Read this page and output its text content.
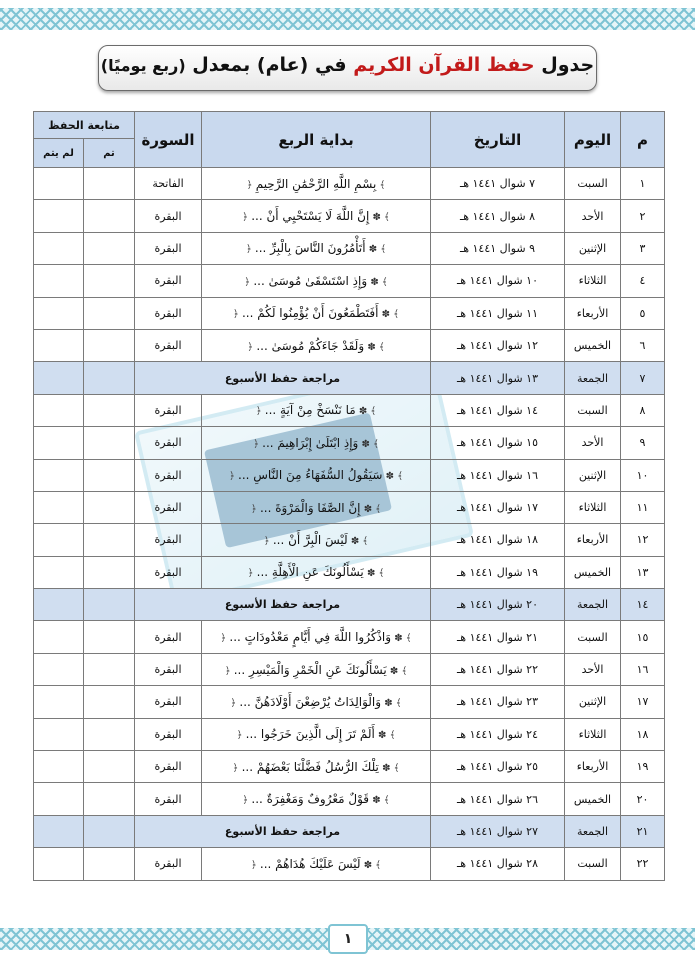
جدول حفظ القرآن الكريم في (عام) بمعدل (ربع يوميًا)
م	اليوم	التاريخ	بداية الربع	السورة	متابعة الحفظ	
					تم	لم يتم
١	السبت	٧ شوال ١٤٤١ هـ	﴾ بِسْمِ اللَّهِ الرَّحْمَٰنِ الرَّحِيمِ ﴿	الفاتحة		
٢	الأحد	٨ شوال ١٤٤١ هـ	﴾ ✽ إِنَّ اللَّهَ لَا يَسْتَحْيِي أَنْ ... ﴿	البقرة		
٣	الإثنين	٩ شوال ١٤٤١ هـ	﴾ ✽ أَتَأْمُرُونَ النَّاسَ بِالْبِرِّ ... ﴿	البقرة		
٤	الثلاثاء	١٠ شوال ١٤٤١ هـ	﴾ ✽ وَإِذِ اسْتَسْقَىٰ مُوسَىٰ ... ﴿	البقرة		
٥	الأربعاء	١١ شوال ١٤٤١ هـ	﴾ ✽ أَفَتَطْمَعُونَ أَنْ يُؤْمِنُوا لَكُمْ ... ﴿	البقرة		
٦	الخميس	١٢ شوال ١٤٤١ هـ	﴾ ✽ وَلَقَدْ جَاءَكُمْ مُوسَىٰ ... ﴿	البقرة		
٧	الجمعة	١٣ شوال ١٤٤١ هـ	مراجعة حفظ الأسبوع			
٨	السبت	١٤ شوال ١٤٤١ هـ	﴾ ✽ مَا نَنْسَخْ مِنْ آيَةٍ ... ﴿	البقرة		
٩	الأحد	١٥ شوال ١٤٤١ هـ	﴾ ✽ وَإِذِ ابْتَلَىٰ إِبْرَاهِيمَ ... ﴿	البقرة		
١٠	الإثنين	١٦ شوال ١٤٤١ هـ	﴾ ✽ سَيَقُولُ السُّفَهَاءُ مِنَ النَّاسِ ... ﴿	البقرة		
١١	الثلاثاء	١٧ شوال ١٤٤١ هـ	﴾ ✽ إِنَّ الصَّفَا وَالْمَرْوَةَ ... ﴿	البقرة		
١٢	الأربعاء	١٨ شوال ١٤٤١ هـ	﴾ ✽ لَيْسَ الْبِرَّ أَنْ ... ﴿	البقرة		
١٣	الخميس	١٩ شوال ١٤٤١ هـ	﴾ ✽ يَسْأَلُونَكَ عَنِ الْأَهِلَّةِ ... ﴿	البقرة		
١٤	الجمعة	٢٠ شوال ١٤٤١ هـ	مراجعة حفظ الأسبوع			
١٥	السبت	٢١ شوال ١٤٤١ هـ	﴾ ✽ وَاذْكُرُوا اللَّهَ فِي أَيَّامٍ مَعْدُودَاتٍ ... ﴿	البقرة		
١٦	الأحد	٢٢ شوال ١٤٤١ هـ	﴾ ✽ يَسْأَلُونَكَ عَنِ الْخَمْرِ وَالْمَيْسِرِ ... ﴿	البقرة		
١٧	الإثنين	٢٣ شوال ١٤٤١ هـ	﴾ ✽ وَالْوَالِدَاتُ يُرْضِعْنَ أَوْلَادَهُنَّ ... ﴿	البقرة		
١٨	الثلاثاء	٢٤ شوال ١٤٤١ هـ	﴾ ✽ أَلَمْ تَرَ إِلَى الَّذِينَ خَرَجُوا ... ﴿	البقرة		
١٩	الأربعاء	٢٥ شوال ١٤٤١ هـ	﴾ ✽ تِلْكَ الرُّسُلُ فَضَّلْنَا بَعْضَهُمْ ... ﴿	البقرة		
٢٠	الخميس	٢٦ شوال ١٤٤١ هـ	﴾ ✽ قَوْلٌ مَعْرُوفٌ وَمَغْفِرَةٌ ... ﴿	البقرة		
٢١	الجمعة	٢٧ شوال ١٤٤١ هـ	مراجعة حفظ الأسبوع			
٢٢	السبت	٢٨ شوال ١٤٤١ هـ	﴾ ✽ لَيْسَ عَلَيْكَ هُدَاهُمْ ... ﴿	البقرة		
١
